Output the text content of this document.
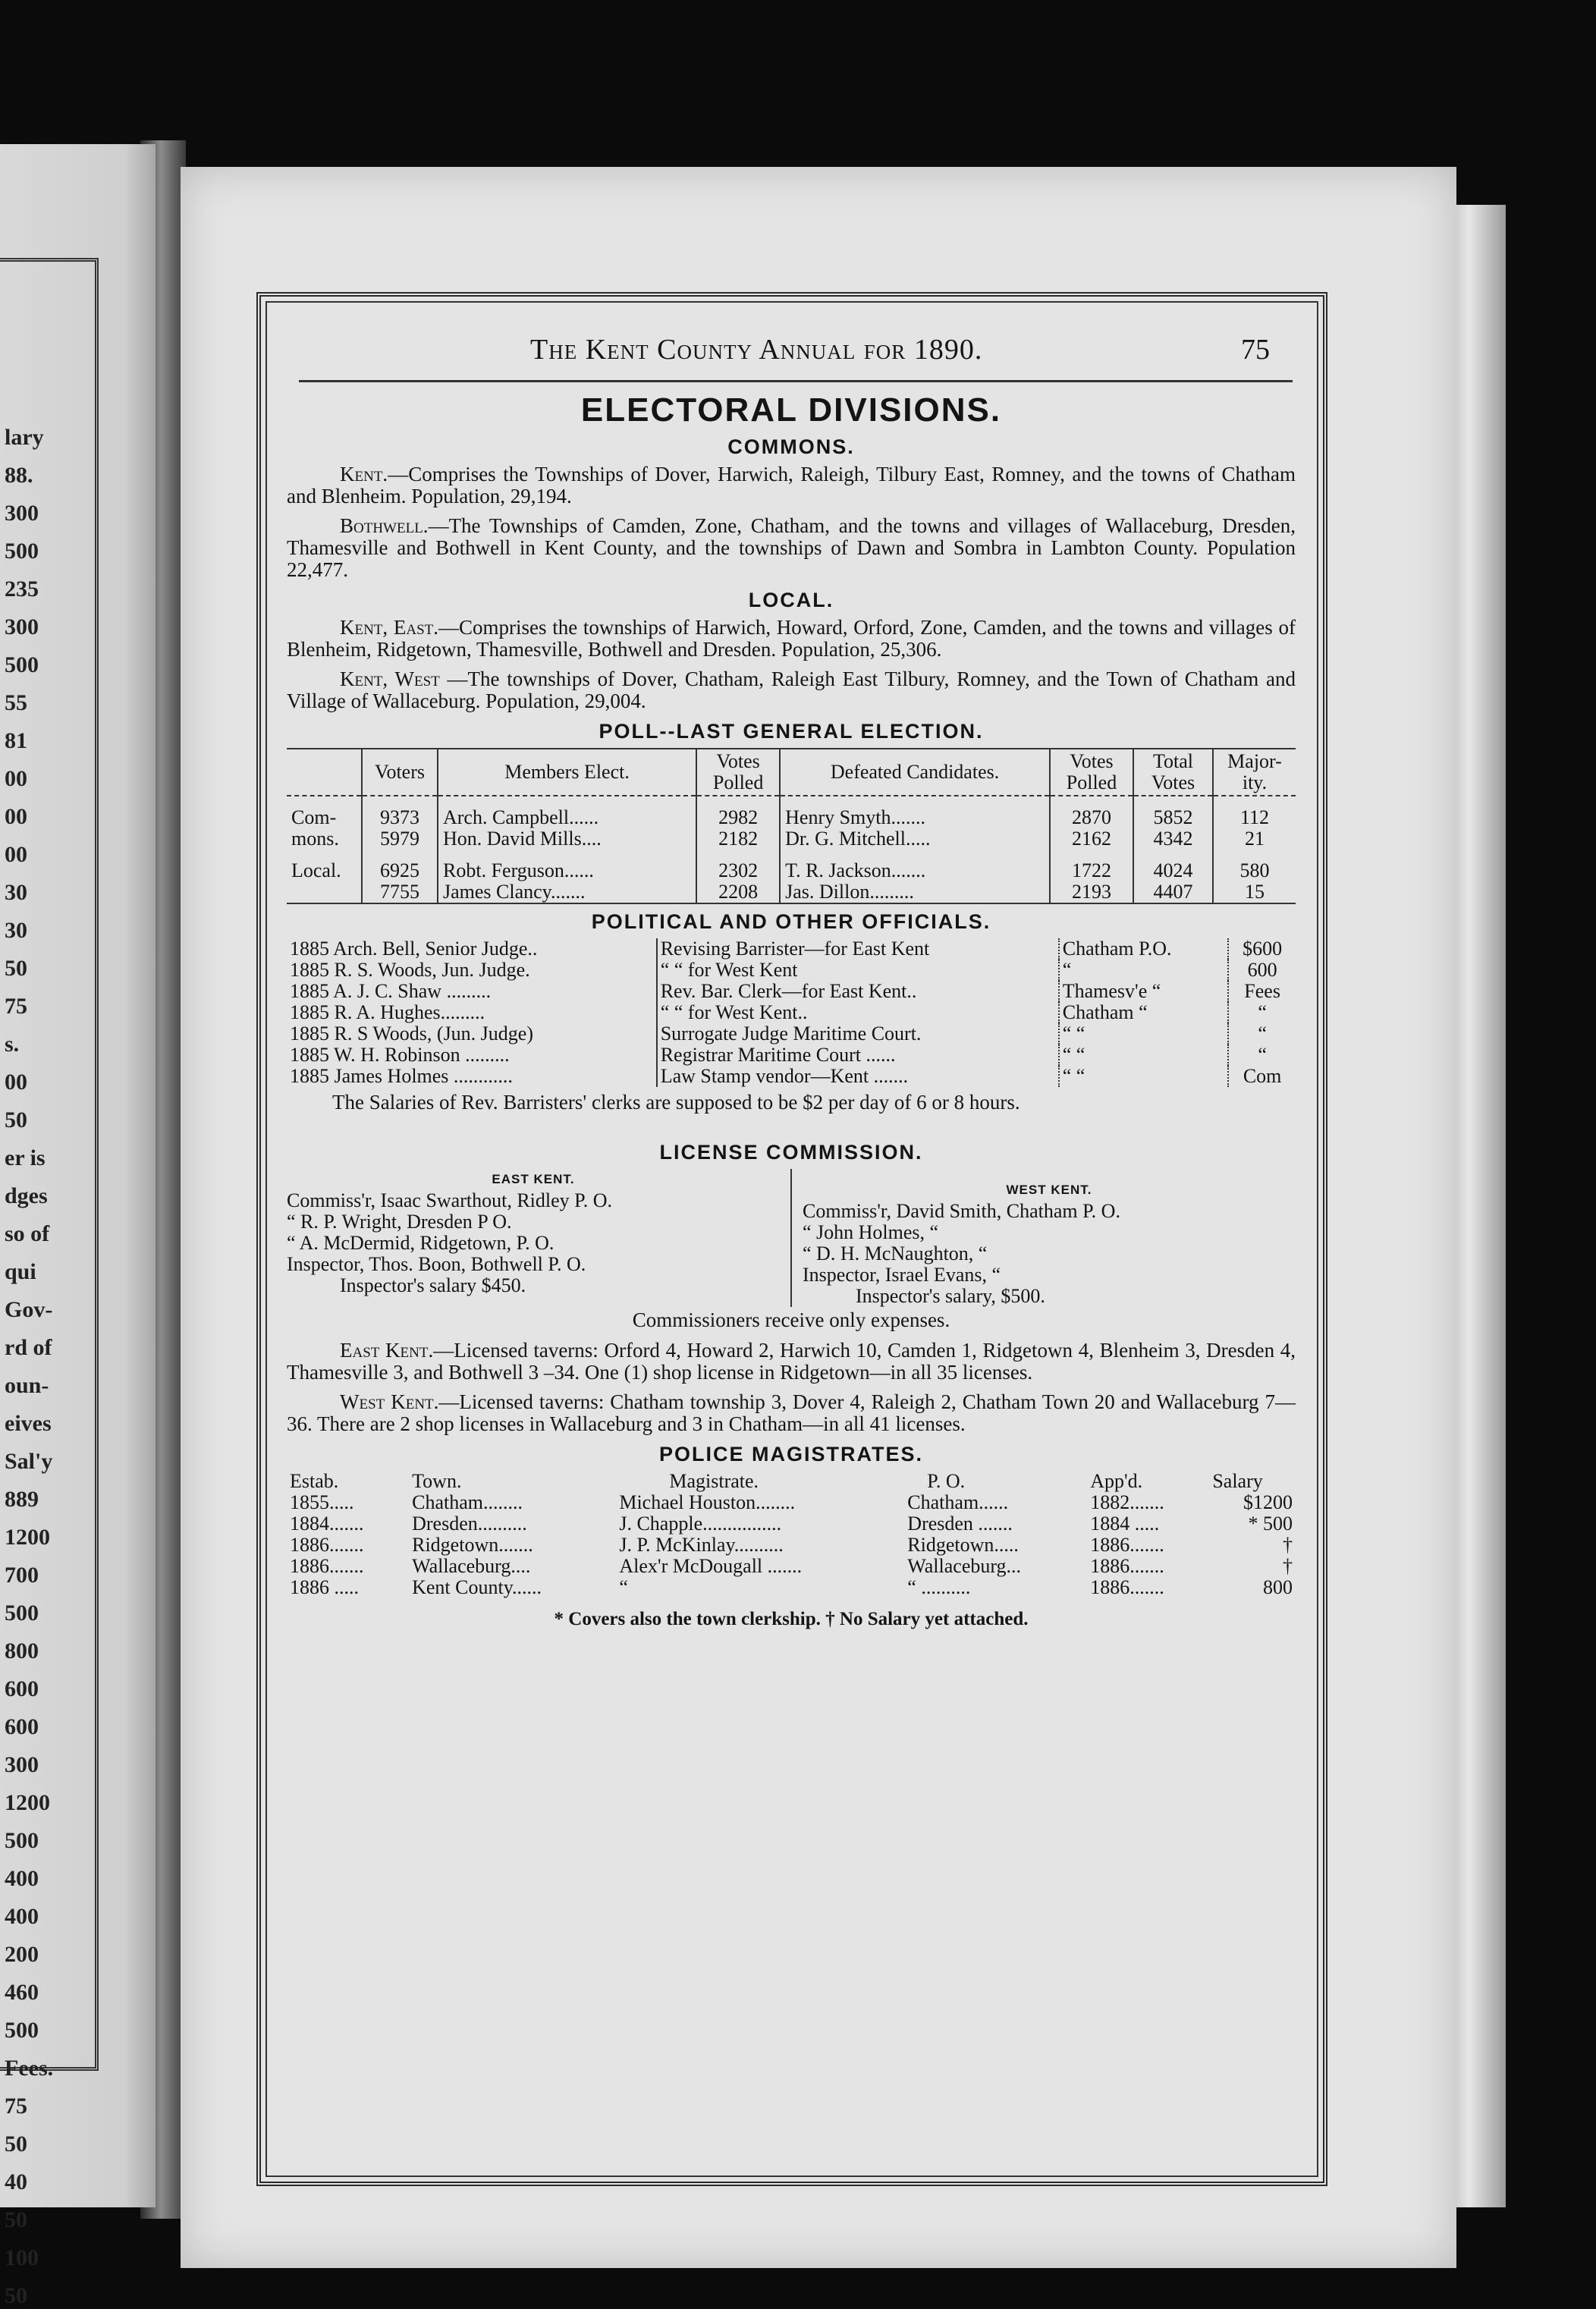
lary
88.
300
500
235
300
500
55
81
00
00
00
30
30
50
75
s.
00
50
er is
dges
so of
qui
Gov-
rd of
oun-
eives
Sal'y
889
1200
700
500
800
600
600
300
1200
500
400
400
200
460
500
Fees.
75
50
40
50
100
50
The Kent County Annual for 1890.	75
ELECTORAL DIVISIONS.
COMMONS.

Kent.—Comprises the Townships of Dover, Harwich, Raleigh, Tilbury East, Romney, and the towns of Chatham and Blenheim. Population, 29,194.

Bothwell.—The Townships of Camden, Zone, Chatham, and the towns and villages of Wallaceburg, Dresden, Thamesville and Bothwell in Kent County, and the townships of Dawn and Sombra in Lambton County. Population 22,477.

LOCAL.

Kent, East.—Comprises the townships of Harwich, Howard, Orford, Zone, Camden, and the towns and villages of Blenheim, Ridgetown, Thamesville, Bothwell and Dresden. Population, 25,306.

Kent, West —The townships of Dover, Chatham, Raleigh East Tilbury, Romney, and the Town of Chatham and Village of Wallaceburg. Population, 29,004.

POLL--LAST GENERAL ELECTION.
	Voters	Members Elect.	Votes Polled	Defeated Candidates.	Votes Polled	Total Votes	Major-ity.
Com-	9373	Arch. Campbell......	2982	Henry Smyth.......	2870	5852	112
mons.	5979	Hon. David Mills....	2182	Dr. G. Mitchell.....	2162	4342	21
Local.	6925	Robt. Ferguson......	2302	T. R. Jackson.......	1722	4024	580
	7755	James Clancy.......	2208	Jas. Dillon.........	2193	4407	15
POLITICAL AND OTHER OFFICIALS.
1885 Arch. Bell, Senior Judge..	Revising Barrister—for East Kent	Chatham P.O.	$600
1885 R. S. Woods, Jun. Judge.	“ “ for West Kent	“	600
1885 A. J. C. Shaw .........	Rev. Bar. Clerk—for East Kent..	Thamesv'e “	Fees
1885 R. A. Hughes.........	“ “ for West Kent..	Chatham “	“
1885 R. S Woods, (Jun. Judge)	Surrogate Judge Maritime Court.	“ “	“
1885 W. H. Robinson .........	Registrar Maritime Court ......	“ “	“
1885 James Holmes ............	Law Stamp vendor—Kent .......	“ “	Com

The Salaries of Rev. Barristers' clerks are supposed to be $2 per day of 6 or 8 hours.

LICENSE COMMISSION.
EAST KENT.
Commiss'r, Isaac Swarthout, Ridley P. O.
“ R. P. Wright, Dresden P O.
“ A. McDermid, Ridgetown, P. O.
Inspector, Thos. Boon, Bothwell P. O.
Inspector's salary $450.
WEST KENT.
Commiss'r, David Smith, Chatham P. O.
“ John Holmes, “
“ D. H. McNaughton, “
Inspector, Israel Evans, “
Inspector's salary, $500.
Commissioners receive only expenses.

East Kent.—Licensed taverns: Orford 4, Howard 2, Harwich 10, Camden 1, Ridgetown 4, Blenheim 3, Dresden 4, Thamesville 3, and Bothwell 3 –34. One (1) shop license in Ridgetown—in all 35 licenses.

West Kent.—Licensed taverns: Chatham township 3, Dover 4, Raleigh 2, Chatham Town 20 and Wallaceburg 7—36. There are 2 shop licenses in Wallaceburg and 3 in Chatham—in all 41 licenses.

POLICE MAGISTRATES.
Estab.	Town.	Magistrate.	P. O.	App'd.	Salary
1855.....	Chatham........	Michael Houston........	Chatham......	1882.......	$1200
1884.......	Dresden..........	J. Chapple................	Dresden .......	1884 .....	* 500
1886.......	Ridgetown.......	J. P. McKinlay..........	Ridgetown.....	1886.......	†
1886.......	Wallaceburg....	Alex'r McDougall .......	Wallaceburg...	1886.......	†
1886 .....	Kent County......	“	“ ..........	1886.......	800
* Covers also the town clerkship. † No Salary yet attached.
